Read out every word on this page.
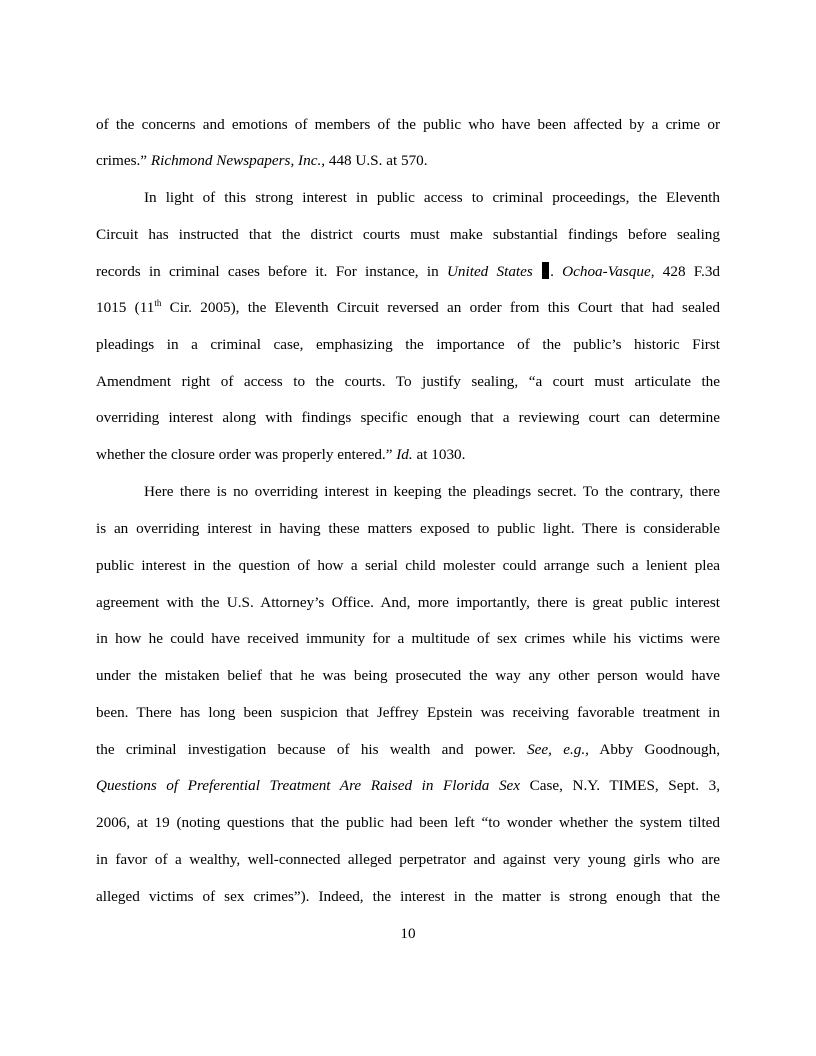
of the concerns and emotions of members of the public who have been affected by a crime or
crimes.” Richmond Newspapers, Inc., 448 U.S. at 570.
In light of this strong interest in public access to criminal proceedings, the Eleventh
Circuit has instructed that the district courts must make substantial findings before sealing
records in criminal cases before it. For instance, in United States . Ochoa-Vasque, 428 F.3d
1015 (11th Cir. 2005), the Eleventh Circuit reversed an order from this Court that had sealed
pleadings in a criminal case, emphasizing the importance of the public’s historic First
Amendment right of access to the courts. To justify sealing, “a court must articulate the
overriding interest along with findings specific enough that a reviewing court can determine
whether the closure order was properly entered.” Id. at 1030.
Here there is no overriding interest in keeping the pleadings secret. To the contrary, there
is an overriding interest in having these matters exposed to public light. There is considerable
public interest in the question of how a serial child molester could arrange such a lenient plea
agreement with the U.S. Attorney’s Office. And, more importantly, there is great public interest
in how he could have received immunity for a multitude of sex crimes while his victims were
under the mistaken belief that he was being prosecuted the way any other person would have
been. There has long been suspicion that Jeffrey Epstein was receiving favorable treatment in
the criminal investigation because of his wealth and power. See, e.g., Abby Goodnough,
Questions of Preferential Treatment Are Raised in Florida Sex Case, N.Y. TIMES, Sept. 3,
2006, at 19 (noting questions that the public had been left “to wonder whether the system tilted
in favor of a wealthy, well-connected alleged perpetrator and against very young girls who are
alleged victims of sex crimes”). Indeed, the interest in the matter is strong enough that the
10
